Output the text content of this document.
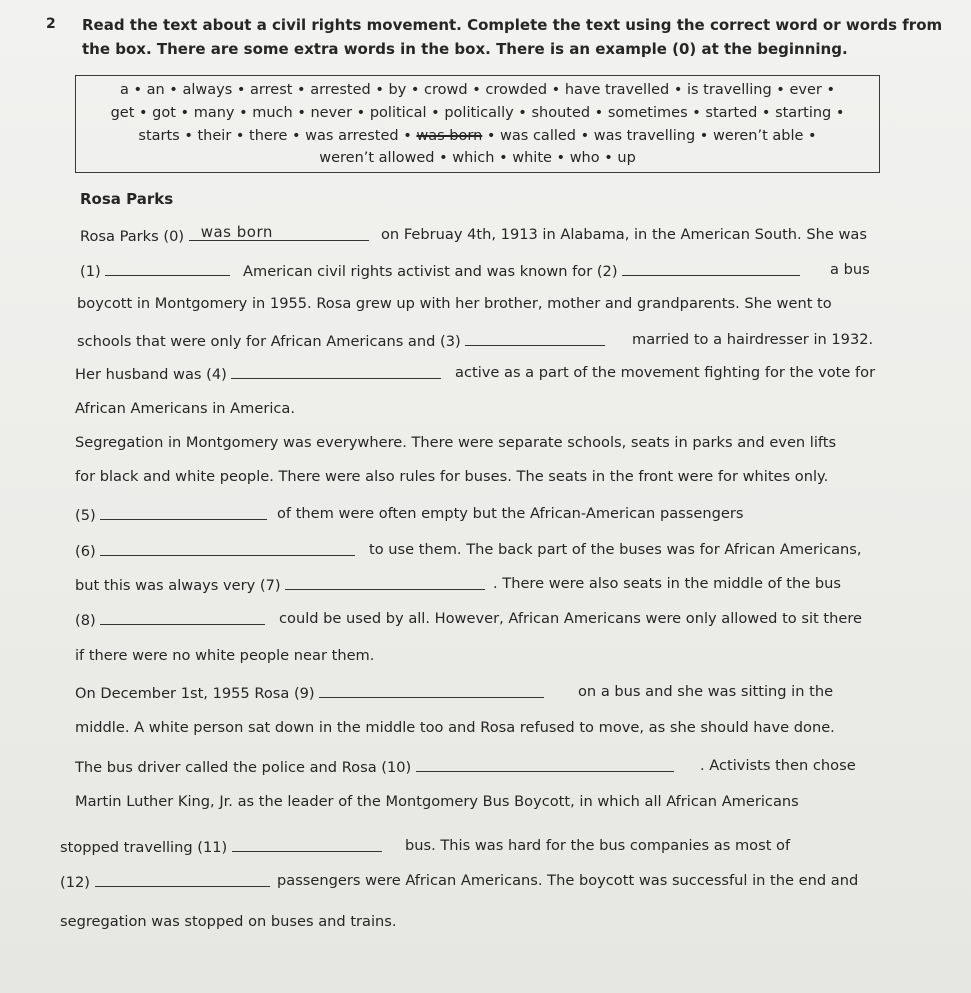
2 Read the text about a civil rights movement. Complete the text using the correct word or words from
the box. There are some extra words in the box. There is an example (0) at the beginning.
a • an • always • arrest • arrested • by • crowd • crowded • have travelled • is travelling • ever •
get • got • many • much • never • political • politically • shouted • sometimes • started • starting •
starts • their • there • was arrested • was born • was called • was travelling • weren’t able •
weren’t allowed • which • white • who • up
Rosa Parks
Rosa Parks (0) was born	on Februay 4th, 1913 in Alabama, in the American South. She was
(1)	American civil rights activist and was known for (2)	a bus
boycott in Montgomery in 1955. Rosa grew up with her brother, mother and grandparents. She went to
schools that were only for African Americans and (3)	married to a hairdresser in 1932.
Her husband was (4)	active as a part of the movement fighting for the vote for
African Americans in America.
Segregation in Montgomery was everywhere. There were separate schools, seats in parks and even lifts
for black and white people. There were also rules for buses. The seats in the front were for whites only.
(5)	of them were often empty but the African-American passengers
(6)	to use them. The back part of the buses was for African Americans,
but this was always very (7)	. There were also seats in the middle of the bus
(8)	could be used by all. However, African Americans were only allowed to sit there
if there were no white people near them.
On December 1st, 1955 Rosa (9)	on a bus and she was sitting in the
middle. A white person sat down in the middle too and Rosa refused to move, as she should have done.
The bus driver called the police and Rosa (10)	. Activists then chose
Martin Luther King, Jr. as the leader of the Montgomery Bus Boycott, in which all African Americans
stopped travelling (11)	bus. This was hard for the bus companies as most of
(12)	passengers were African Americans. The boycott was successful in the end and
segregation was stopped on buses and trains.
